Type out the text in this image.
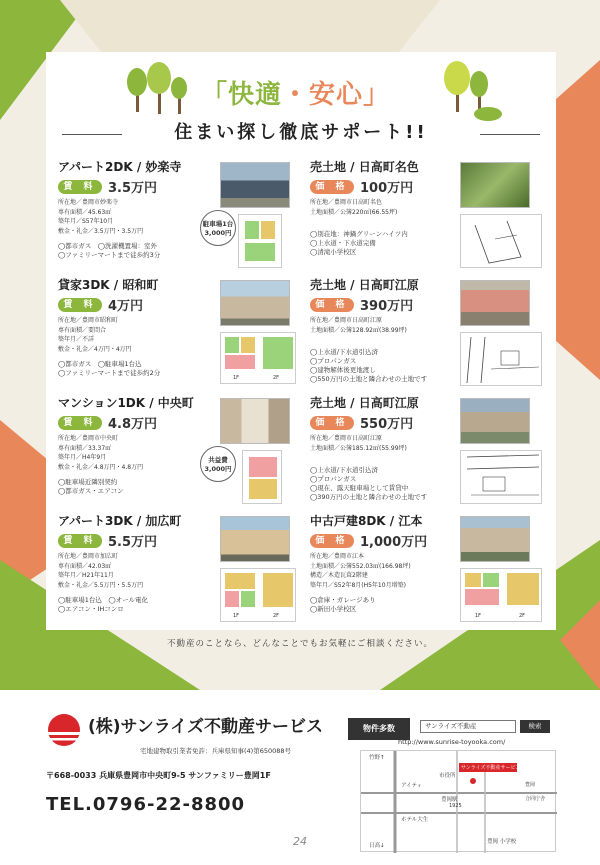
「快適・安心」
住まい探し徹底サポート!!
アパート2DK / 妙楽寺
賃 料 3.5万円
所在地／豊岡市妙楽寺
専有面積／45.63㎡
築年月／S57年10月
敷金・礼金／3.5万円・3.5万円
◯都市ガス　◯洗濯機置場：室外
◯ファミリーマートまで徒歩約3分
駐車場1台
3,000円
貸家3DK / 昭和町
賃 料 4万円
所在地／豊岡市昭和町
専有面積／要問合
築年月／不詳
敷金・礼金／4万円・4万円
◯都市ガス　◯駐車場1台込
◯ファミリーマートまで徒歩約2分
1F	2F
マンション1DK / 中央町
賃 料 4.8万円
所在地／豊岡市中央町
専有面積／33.37㎡
築年月／H4年9月
敷金・礼金／4.8万円・4.8万円
◯駐車場近隣別契約
◯都市ガス・エアコン
共益費
3,000円
アパート3DK / 加広町
賃 料 5.5万円
所在地／豊岡市加広町
専有面積／42.03㎡
築年月／H21年11月
敷金・礼金／5.5万円・5.5万円
◯駐車場1台込　◯オール電化
◯エアコン・IHコンロ
1F	2F
売土地 / 日高町名色
価 格 100万円
所在地／豊岡市日高町名色
土地面積／公簿220㎡(66.55坪)
◯別荘地：神鍋グリーンハイツ内
◯上水道・下水道完備
◯清滝小学校区
売土地 / 日高町江原
価 格 390万円
所在地／豊岡市日高町江原
土地面積／公簿128.92㎡(38.99坪)
◯上水道/下水道引込済
◯プロパンガス
◯建物解体後更地渡し
◯550万円の土地と隣合わせの土地です
売土地 / 日高町江原
価 格 550万円
所在地／豊岡市日高町江原
土地面積／公簿185.12㎡(55.99坪)
◯上水道/下水道引込済
◯プロパンガス
◯現在、露天駐車場として賃貸中
◯390万円の土地と隣合わせの土地です
中古戸建8DK / 江本
価 格 1,000万円
所在地／豊岡市江本
土地面積／公簿552.03㎡(166.98坪)
構造／木造瓦葺2階建
築年月／S52年8月(H5年10月増築)
◯倉庫・ガレージあり
◯新田小学校区
1F	2F
不動産のことなら、どんなことでもお気軽にご相談ください。
(株)サンライズ不動産サービス
宅地建物取引業者免許：兵庫県知事(4)第650088号
〒668-0033 兵庫県豊岡市中央町9-5 サンファミリー豊岡1F
TEL.0796-22-8800
物件多数	サンライズ不動産	検索
http://www.sunrise-toyooka.com/
竹野↑
アイティ
市役所
サンライズ不動産サービス
豊岡駅
1925
日高↓
ホテル大生
豊岡 小学校
合同庁舎
豊岡
24
